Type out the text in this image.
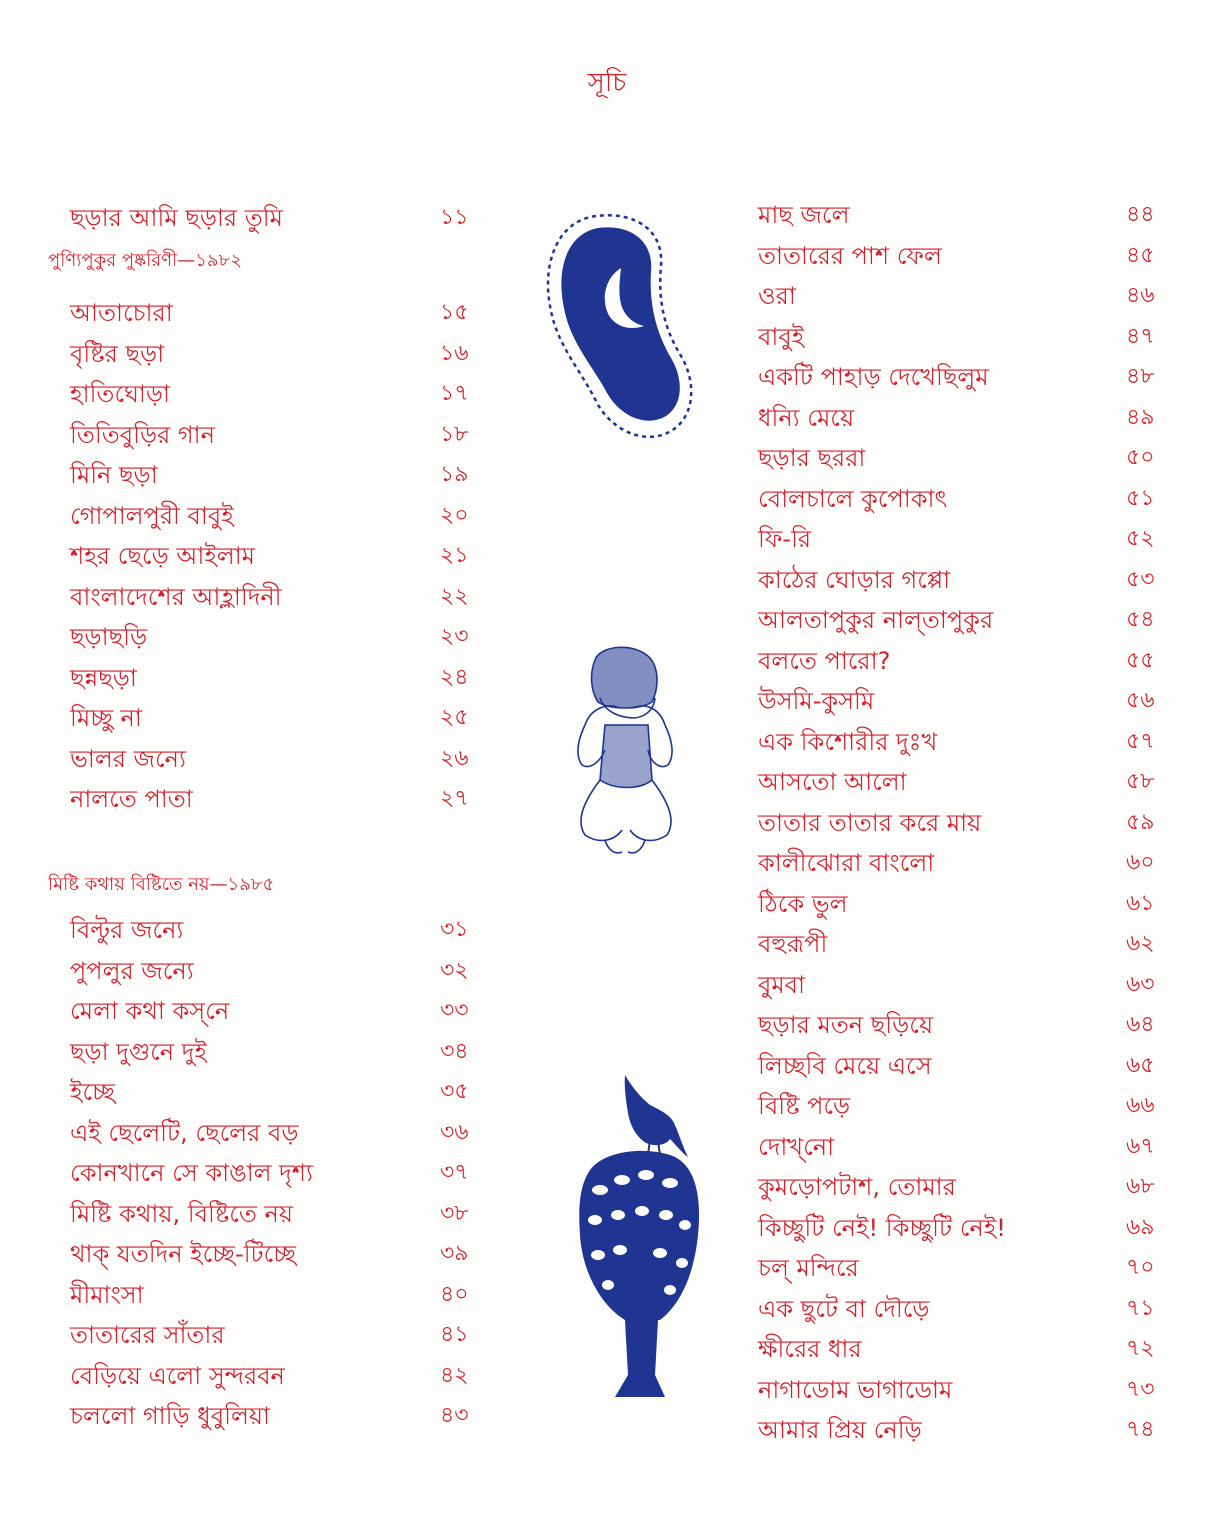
সূচি
ছড়ার আমি ছড়ার তুমি	১১
পুণ্যিপুকুর পুষ্করিণী—১৯৮২
আতাচোরা	১৫
বৃষ্টির ছড়া	১৬
হাতিঘোড়া	১৭
তিতিবুড়ির গান	১৮
মিনি ছড়া	১৯
গোপালপুরী বাবুই	২০
শহর ছেড়ে আইলাম	২১
বাংলাদেশের আহ্লাদিনী	২২
ছড়াছড়ি	২৩
ছন্নছড়া	২৪
মিচ্ছু না	২৫
ভালর জন্যে	২৬
নালতে পাতা	২৭
মিষ্টি কথায় বিষ্টিতে নয়—১৯৮৫
বিল্টুর জন্যে	৩১
পুপলুর জন্যে	৩২
মেলা কথা কস্‌নে	৩৩
ছড়া দুগুনে দুই	৩৪
ইচ্ছে	৩৫
এই ছেলেটি, ছেলের বড়	৩৬
কোনখানে সে কাঙাল দৃশ্য	৩৭
মিষ্টি কথায়, বিষ্টিতে নয়	৩৮
থাক্ যতদিন ইচ্ছে-টিচ্ছে	৩৯
মীমাংসা	৪০
তাতারের সাঁতার	৪১
বেড়িয়ে এলো সুন্দরবন	৪২
চললো গাড়ি ধুবুলিয়া	৪৩
মাছ জলে	৪৪
তাতারের পাশ ফেল	৪৫
ওরা	৪৬
বাবুই	৪৭
একটি পাহাড় দেখেছিলুম	৪৮
ধন্যি মেয়ে	৪৯
ছড়ার ছররা	৫০
বোলচালে কুপোকাৎ	৫১
ফি-রি	৫২
কাঠের ঘোড়ার গপ্পো	৫৩
আলতাপুকুর নাল্‌তাপুকুর	৫৪
বলতে পারো?	৫৫
উসমি-কুসমি	৫৬
এক কিশোরীর দুঃখ	৫৭
আসতো আলো	৫৮
তাতার তাতার করে মায়	৫৯
কালীঝোরা বাংলো	৬০
ঠিকে ভুল	৬১
বহুরূপী	৬২
বুমবা	৬৩
ছড়ার মতন ছড়িয়ে	৬৪
লিচ্ছবি মেয়ে এসে	৬৫
বিষ্টি পড়ে	৬৬
দোখ্‌নো	৬৭
কুমড়োপটাশ, তোমার	৬৮
কিচ্ছুটি নেই! কিচ্ছুটি নেই!	৬৯
চল্ মন্দিরে	৭০
এক ছুটে বা দৌড়ে	৭১
ক্ষীরের ধার	৭২
নাগাডোম ভাগাডোম	৭৩
আমার প্রিয় নেড়ি	৭৪
